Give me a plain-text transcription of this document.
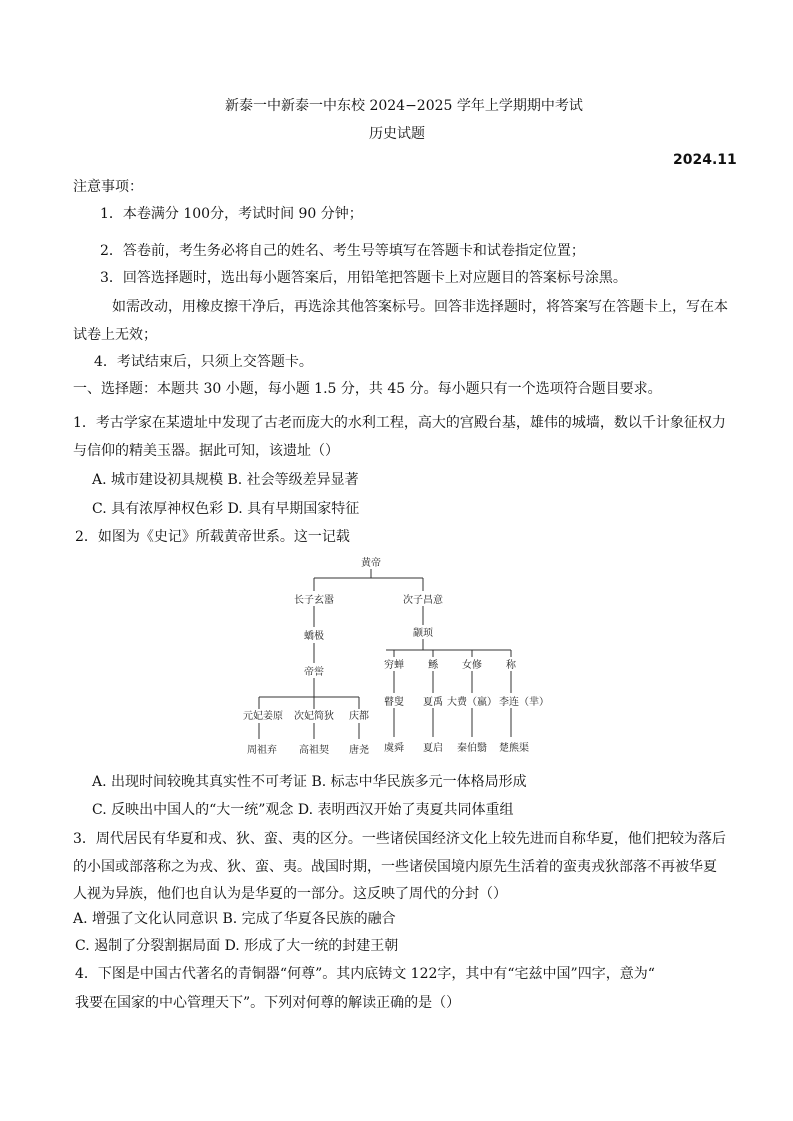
新泰一中新泰一中东校 2024−2025 学年上学期期中考试
历史试题
2024.11
注意事项：
1．本卷满分 100分，考试时间 90 分钟；
2．答卷前，考生务必将自己的姓名、考生号等填写在答题卡和试卷指定位置；
3．回答选择题时，选出每小题答案后，用铅笔把答题卡上对应题目的答案标号涂黑。
如需改动，用橡皮擦干净后，再选涂其他答案标号。回答非选择题时，将答案写在答题卡上，写在本
试卷上无效；
4．考试结束后，只须上交答题卡。
一、选择题：本题共 30 小题，每小题 1.5 分，共 45 分。每小题只有一个选项符合题目要求。
1．考古学家在某遗址中发现了古老而庞大的水利工程，高大的宫殿台基，雄伟的城墙，数以千计象征权力
与信仰的精美玉器。据此可知，该遗址（）
A. 城市建设初具规模 B. 社会等级差异显著
C. 具有浓厚神权色彩 D. 具有早期国家特征
2．如图为《史记》所载黄帝世系。这一记载
黄帝
长子玄嚣	次子昌意
蟜极
帝喾
颛顼
元妃姜原 次妃简狄 庆都
周祖弃 高祖契 唐尧
穷蝉 鲧 女修 称
瞽叟 夏禹 大费（嬴） 李连（芈）
虞舜 夏启 秦伯翳 楚熊渠
A. 出现时间较晚其真实性不可考证 B. 标志中华民族多元一体格局形成
C. 反映出中国人的“大一统”观念 D. 表明西汉开始了夷夏共同体重组
3．周代居民有华夏和戎、狄、蛮、夷的区分。一些诸侯国经济文化上较先进而自称华夏，他们把较为落后
的小国或部落称之为戎、狄、蛮、夷。战国时期，一些诸侯国境内原先生活着的蛮夷戎狄部落不再被华夏
人视为异族，他们也自认为是华夏的一部分。这反映了周代的分封（）
A. 增强了文化认同意识 B. 完成了华夏各民族的融合
C. 遏制了分裂割据局面 D. 形成了大一统的封建王朝
4．下图是中国古代著名的青铜器“何尊”。其内底铸文 122字，其中有“宅兹中国”四字，意为“
我要在国家的中心管理天下”。下列对何尊的解读正确的是（）
